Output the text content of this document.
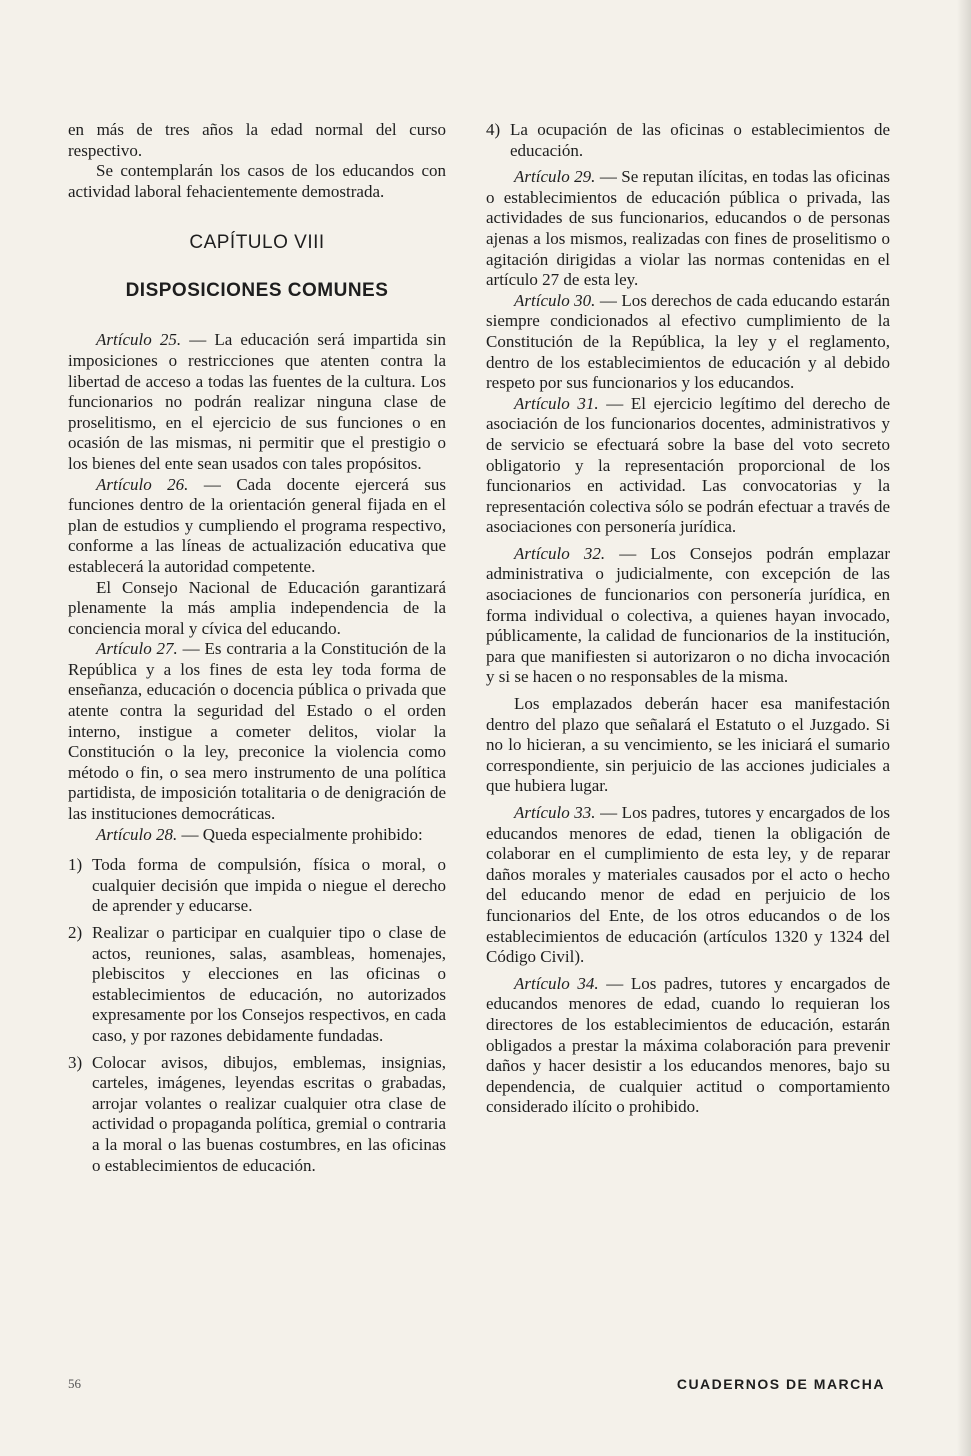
en más de tres años la edad normal del curso respectivo.

Se contemplarán los casos de los educandos con actividad laboral fehacientemente demostrada.

CAPÍTULO VIII
DISPOSICIONES COMUNES

Artículo 25. — La educación será impartida sin imposiciones o restricciones que atenten contra la libertad de acceso a todas las fuentes de la cultura. Los funcionarios no podrán realizar ninguna clase de proselitismo, en el ejercicio de sus funciones o en ocasión de las mismas, ni permitir que el prestigio o los bienes del ente sean usados con tales propósitos.

Artículo 26. — Cada docente ejercerá sus funciones dentro de la orientación general fijada en el plan de estudios y cumpliendo el programa respectivo, conforme a las líneas de actualización educativa que establecerá la autoridad competente.

El Consejo Nacional de Educación garantizará plenamente la más amplia independencia de la conciencia moral y cívica del educando.

Artículo 27. — Es contraria a la Constitución de la República y a los fines de esta ley toda forma de enseñanza, educación o docencia pública o privada que atente contra la seguridad del Estado o el orden interno, instigue a cometer delitos, violar la Constitución o la ley, preconice la violencia como método o fin, o sea mero instrumento de una política partidista, de imposición totalitaria o de denigración de las instituciones democráticas.

Artículo 28. — Queda especialmente prohibido:

1) Toda forma de compulsión, física o moral, o cualquier decisión que impida o niegue el derecho de aprender y educarse.

2) Realizar o participar en cualquier tipo o clase de actos, reuniones, salas, asambleas, homenajes, plebiscitos y elecciones en las oficinas o establecimientos de educación, no autorizados expresamente por los Consejos respectivos, en cada caso, y por razones debidamente fundadas.

3) Colocar avisos, dibujos, emblemas, insignias, carteles, imágenes, leyendas escritas o grabadas, arrojar volantes o realizar cualquier otra clase de actividad o propaganda política, gremial o contraria a la moral o las buenas costumbres, en las oficinas o establecimientos de educación.

4) La ocupación de las oficinas o establecimientos de educación.

Artículo 29. — Se reputan ilícitas, en todas las oficinas o establecimientos de educación pública o privada, las actividades de sus funcionarios, educandos o de personas ajenas a los mismos, realizadas con fines de proselitismo o agitación dirigidas a violar las normas contenidas en el artículo 27 de esta ley.

Artículo 30. — Los derechos de cada educando estarán siempre condicionados al efectivo cumplimiento de la Constitución de la República, la ley y el reglamento, dentro de los establecimientos de educación y al debido respeto por sus funcionarios y los educandos.

Artículo 31. — El ejercicio legítimo del derecho de asociación de los funcionarios docentes, administrativos y de servicio se efectuará sobre la base del voto secreto obligatorio y la representación proporcional de los funcionarios en actividad. Las convocatorias y la representación colectiva sólo se podrán efectuar a través de asociaciones con personería jurídica.

Artículo 32. — Los Consejos podrán emplazar administrativa o judicialmente, con excepción de las asociaciones de funcionarios con personería jurídica, en forma individual o colectiva, a quienes hayan invocado, públicamente, la calidad de funcionarios de la institución, para que manifiesten si autorizaron o no dicha invocación y si se hacen o no responsables de la misma.

Los emplazados deberán hacer esa manifestación dentro del plazo que señalará el Estatuto o el Juzgado. Si no lo hicieran, a su vencimiento, se les iniciará el sumario correspondiente, sin perjuicio de las acciones judiciales a que hubiera lugar.

Artículo 33. — Los padres, tutores y encargados de los educandos menores de edad, tienen la obligación de colaborar en el cumplimiento de esta ley, y de reparar daños morales y materiales causados por el acto o hecho del educando menor de edad en perjuicio de los funcionarios del Ente, de los otros educandos o de los establecimientos de educación (artículos 1320 y 1324 del Código Civil).

Artículo 34. — Los padres, tutores y encargados de educandos menores de edad, cuando lo requieran los directores de los establecimientos de educación, estarán obligados a prestar la máxima colaboración para prevenir daños y hacer desistir a los educandos menores, bajo su dependencia, de cualquier actitud o comportamiento considerado ilícito o prohibido.

56	CUADERNOS DE MARCHA
